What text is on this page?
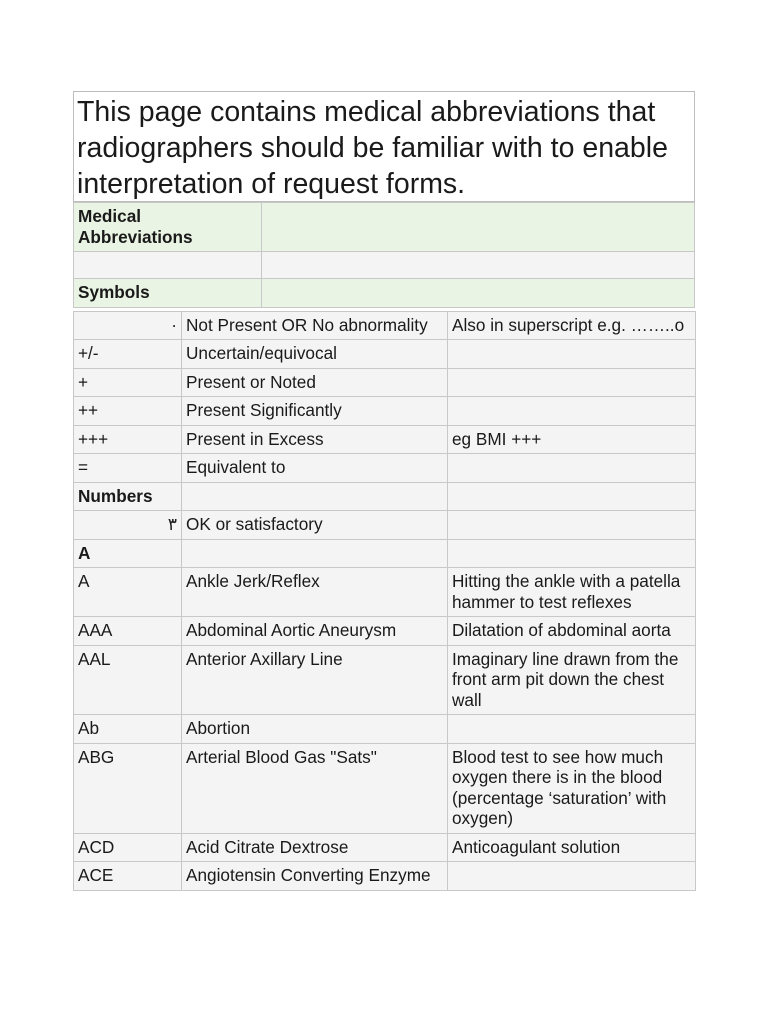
This page contains medical abbreviations that radiographers should be familiar with to enable interpretation of request forms.
Medical Abbreviations	

Symbols	
·	Not Present OR No abnormality	Also in superscript e.g. ……..o
+/-	Uncertain/equivocal	
+	Present or Noted	
++	Present Significantly	
+++	Present in Excess	eg BMI +++
=	Equivalent to	
Numbers		
٣	OK or satisfactory	
A		
A	Ankle Jerk/Reflex	Hitting the ankle with a patella hammer to test reflexes
AAA	Abdominal Aortic Aneurysm	Dilatation of abdominal aorta
AAL	Anterior Axillary Line	Imaginary line drawn from the front arm pit down the chest wall
Ab	Abortion	
ABG	Arterial Blood Gas "Sats"	Blood test to see how much oxygen there is in the blood (percentage ‘saturation’ with oxygen)
ACD	Acid Citrate Dextrose	Anticoagulant solution
ACE	Angiotensin Converting Enzyme	
